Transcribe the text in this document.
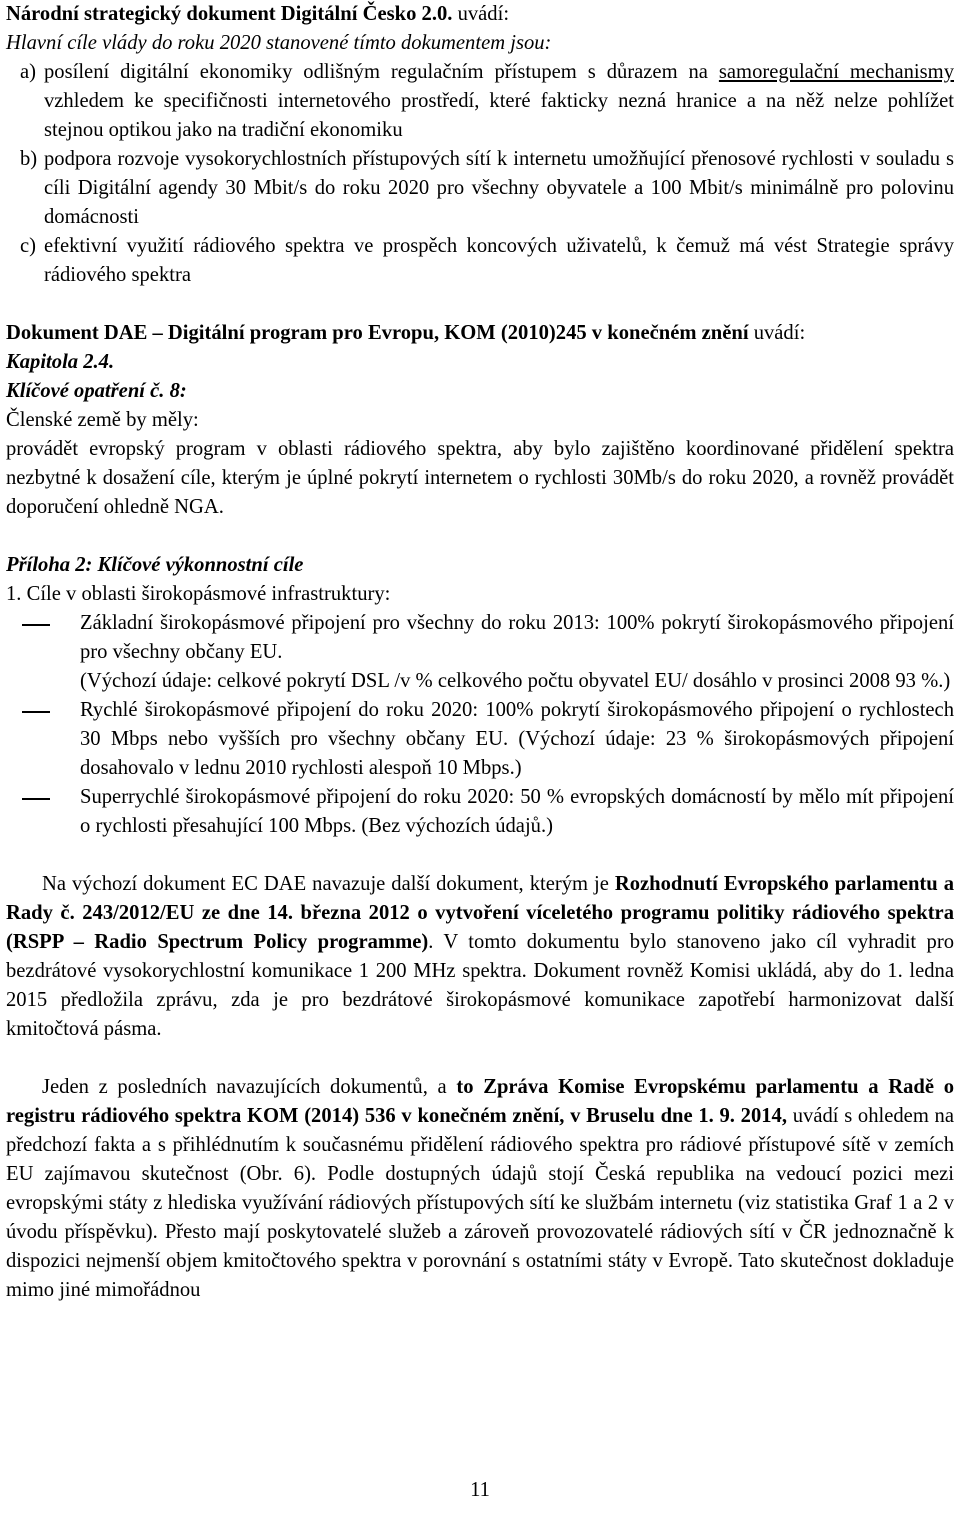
Národní strategický dokument Digitální Česko 2.0. uvádí:

Hlavní cíle vlády do roku 2020 stanovené tímto dokumentem jsou:

a) posílení digitální ekonomiky odlišným regulačním přístupem s důrazem na samoregulační mechanismy vzhledem ke specifičnosti internetového prostředí, které fakticky nezná hranice a na něž nelze pohlížet stejnou optikou jako na tradiční ekonomiku
b) podpora rozvoje vysokorychlostních přístupových sítí k internetu umožňující přenosové rychlosti v souladu s cíli Digitální agendy 30 Mbit/s do roku 2020 pro všechny obyvatele a 100 Mbit/s minimálně pro polovinu domácnosti
c) efektivní využití rádiového spektra ve prospěch koncových uživatelů, k čemuž má vést Strategie správy rádiového spektra

Dokument DAE – Digitální program pro Evropu, KOM (2010)245 v konečném znění uvádí:

Kapitola 2.4.

Klíčové opatření č. 8:

Členské země by měly:

provádět evropský program v oblasti rádiového spektra, aby bylo zajištěno koordinované přidělení spektra nezbytné k dosažení cíle, kterým je úplné pokrytí internetem o rychlosti 30Mb/s do roku 2020, a rovněž provádět doporučení ohledně NGA.

Příloha 2: Klíčové výkonnostní cíle

1. Cíle v oblasti širokopásmové infrastruktury:

Základní širokopásmové připojení pro všechny do roku 2013: 100% pokrytí širokopásmového připojení pro všechny občany EU.

(Výchozí údaje: celkové pokrytí DSL /v % celkového počtu obyvatel EU/ dosáhlo v prosinci 2008 93 %.)

Rychlé širokopásmové připojení do roku 2020: 100% pokrytí širokopásmového připojení o rychlostech 30 Mbps nebo vyšších pro všechny občany EU. (Výchozí údaje: 23 % širokopásmových připojení dosahovalo v lednu 2010 rychlosti alespoň 10 Mbps.)
Superrychlé širokopásmové připojení do roku 2020: 50 % evropských domácností by mělo mít připojení o rychlosti přesahující 100 Mbps. (Bez výchozích údajů.)

Na výchozí dokument EC DAE navazuje další dokument, kterým je Rozhodnutí Evropského parlamentu a Rady č. 243/2012/EU ze dne 14. března 2012 o vytvoření víceletého programu politiky rádiového spektra (RSPP – Radio Spectrum Policy programme). V tomto dokumentu bylo stanoveno jako cíl vyhradit pro bezdrátové vysokorychlostní komunikace 1 200 MHz spektra. Dokument rovněž Komisi ukládá, aby do 1. ledna 2015 předložila zprávu, zda je pro bezdrátové širokopásmové komunikace zapotřebí harmonizovat další kmitočtová pásma.

Jeden z posledních navazujících dokumentů, a to Zpráva Komise Evropskému parlamentu a Radě o registru rádiového spektra KOM (2014) 536 v konečném znění, v Bruselu dne 1. 9. 2014, uvádí s ohledem na předchozí fakta a s přihlédnutím k současnému přidělení rádiového spektra pro rádiové přístupové sítě v zemích EU zajímavou skutečnost (Obr. 6). Podle dostupných údajů stojí Česká republika na vedoucí pozici mezi evropskými státy z hlediska využívání rádiových přístupových sítí ke službám internetu (viz statistika Graf 1 a 2 v úvodu příspěvku). Přesto mají poskytovatelé služeb a zároveň provozovatelé rádiových sítí v ČR jednoznačně k dispozici nejmenší objem kmitočtového spektra v porovnání s ostatními státy v Evropě. Tato skutečnost dokladuje mimo jiné mimořádnou

11
